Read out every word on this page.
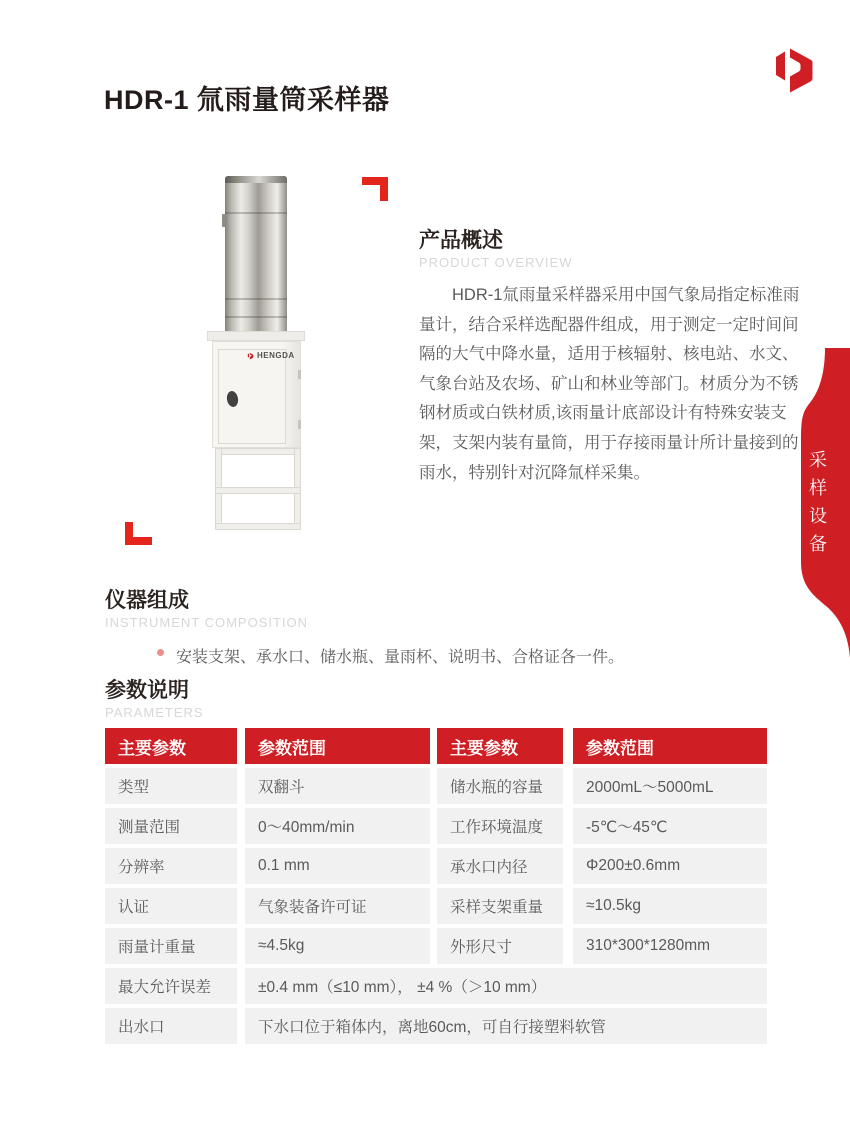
HDR-1 氚雨量筒采样器
HENGDA
产品概述
PRODUCT OVERVIEW
HDR-1氚雨量采样器采用中国气象局指定标准雨
量计，结合采样选配器件组成，用于测定一定时间间
隔的大气中降水量，适用于核辐射、核电站、水文、
气象台站及农场、矿山和林业等部门。材质分为不锈
钢材质或白铁材质,该雨量计底部设计有特殊安装支
架，支架内装有量筒，用于存接雨量计所计量接到的
雨水，特别针对沉降氚样采集。	采样设备
仪器组成
INSTRUMENT COMPOSITION
安装支架、承水口、储水瓶、量雨杯、说明书、合格证各一件。
参数说明
PARAMETERS
主要参数	参数范围	主要参数	参数范围
类型	双翻斗	储水瓶的容量	2000mL～5000mL
测量范围	0～40mm/min	工作环境温度	-5℃～45℃
分辨率	0.1 mm	承水口内径	Φ200±0.6mm
认证	气象装备许可证	采样支架重量	≈10.5kg
雨量计重量	≈4.5kg	外形尺寸	310*300*1280mm
最大允许误差	±0.4 mm（≤10 mm）， ±4 %（＞10 mm）
出水口	下水口位于箱体内，离地60cm，可自行接塑料软管
